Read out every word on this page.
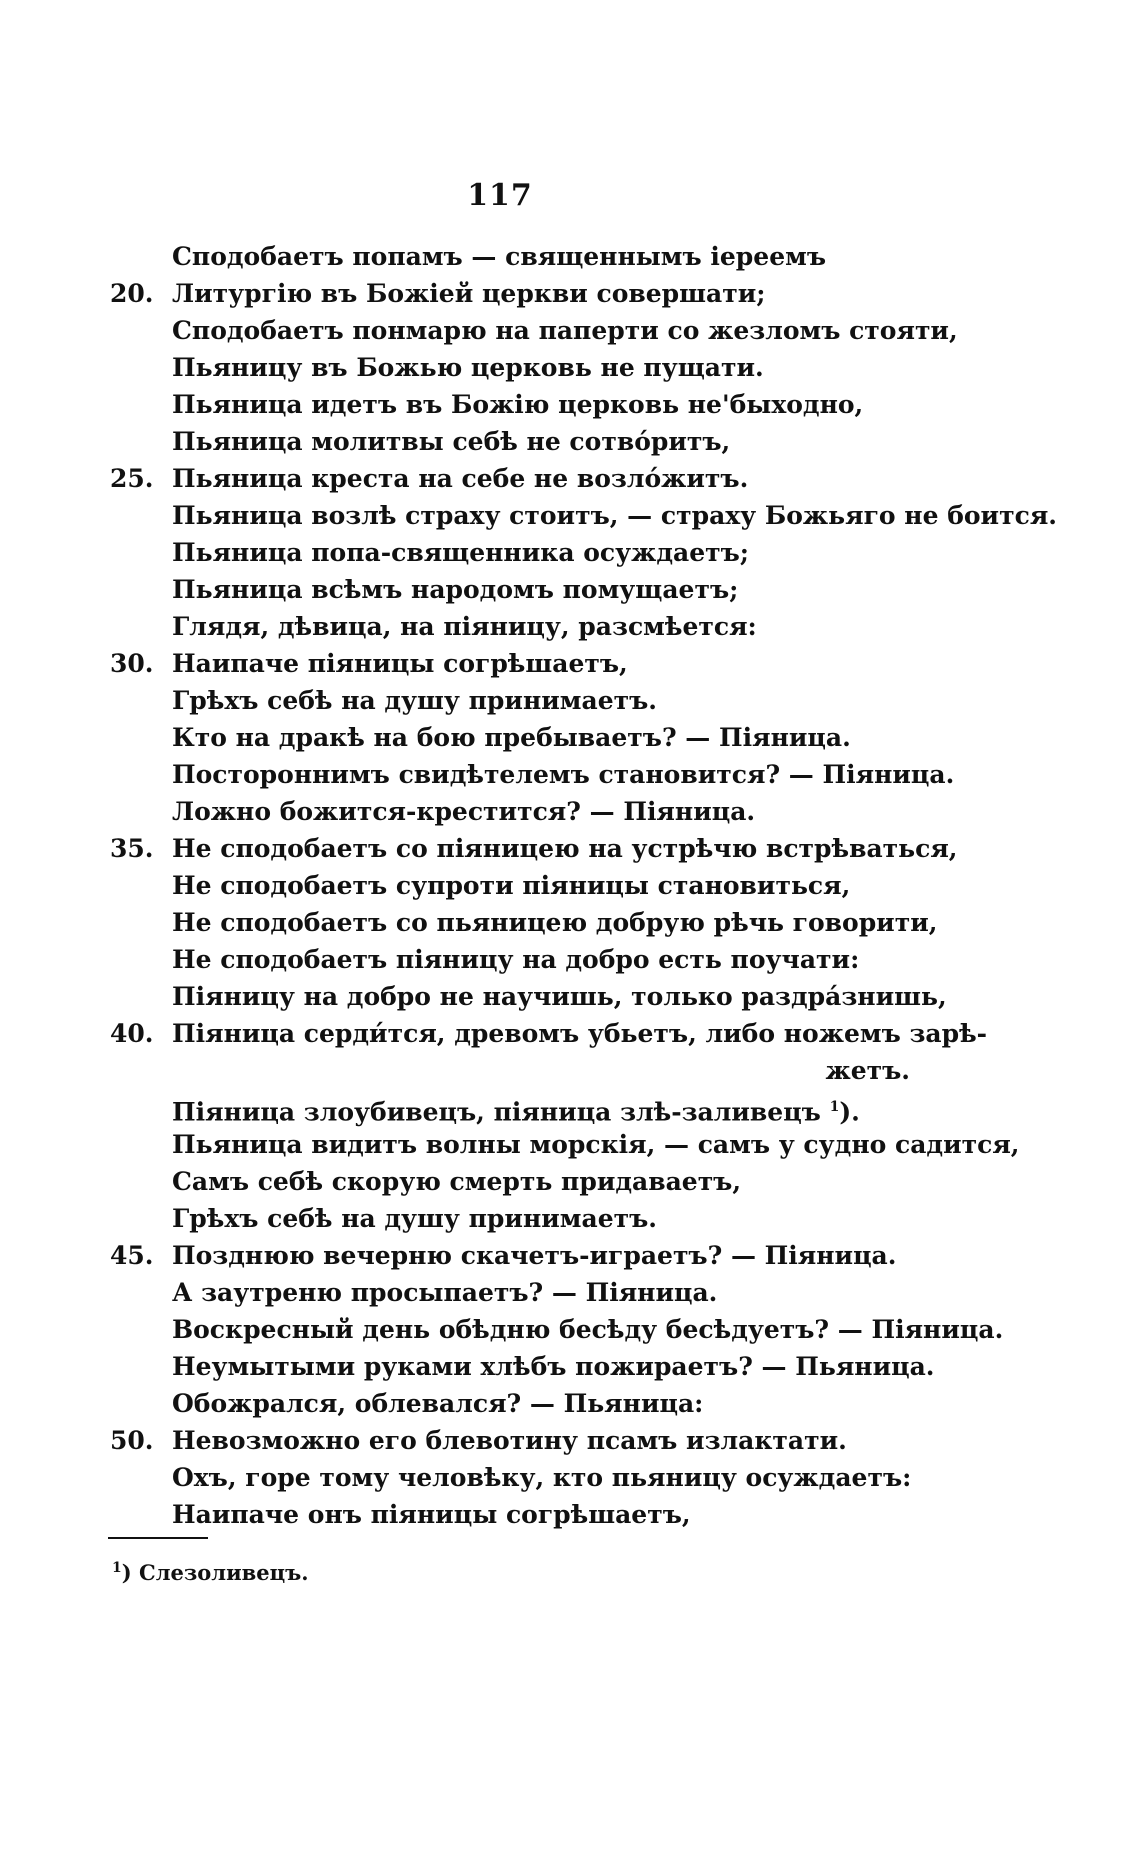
117
Сподобаетъ попамъ — священнымъ іереемъ
20. Литургію въ Божіей церкви совершати;
Сподобаетъ понмарю на паперти со жезломъ стояти,
Пьяницу въ Божью церковь не пущати.
Пьяница идетъ въ Божію церковь не'быходно,
Пьяница молитвы себѣ не сотво́ритъ,
25. Пьяница креста на себе не возло́житъ.
Пьяница возлѣ страху стоитъ, — страху Божьяго не боится.
Пьяница попа-священника осуждаетъ;
Пьяница всѣмъ народомъ помущаетъ;
Глядя, дѣвица, на піяницу, разсмѣется:
30. Наипаче піяницы согрѣшаетъ,
Грѣхъ себѣ на душу принимаетъ.
Кто на дракѣ на бою пребываетъ? — Піяница.
Постороннимъ свидѣтелемъ становится? — Піяница.
Ложно божится-крестится? — Піяница.
35. Не сподобаетъ со піяницею на устрѣчю встрѣваться,
Не сподобаетъ супроти піяницы становиться,
Не сподобаетъ со пьяницею добрую рѣчь говорити,
Не сподобаетъ піяницу на добро есть поучати:
Піяницу на добро не научишь, только раздра́знишь,
40. Піяница серди́тся, древомъ убьетъ, либо ножемъ зарѣ-
жетъ.
Піяница злоубивецъ, піяница злѣ-заливецъ $^1$).
Пьяница видитъ волны морскія, — самъ у судно садится,
Самъ себѣ скорую смерть придаваетъ,
Грѣхъ себѣ на душу принимаетъ.
45. Позднюю вечерню скачетъ-играетъ? — Піяница.
А заутреню просыпаетъ? — Піяница.
Воскресный день обѣдню бесѣду бесѣдуетъ? — Піяница.
Неумытыми руками хлѣбъ пожираетъ? — Пьяница.
Обожрался, облевался? — Пьяница:
50. Невозможно его блевотину псамъ излактати.
Охъ, горе тому человѣку, кто пьяницу осуждаетъ:
Наипаче онъ піяницы согрѣшаетъ,
$^1$) Слезоливецъ.
